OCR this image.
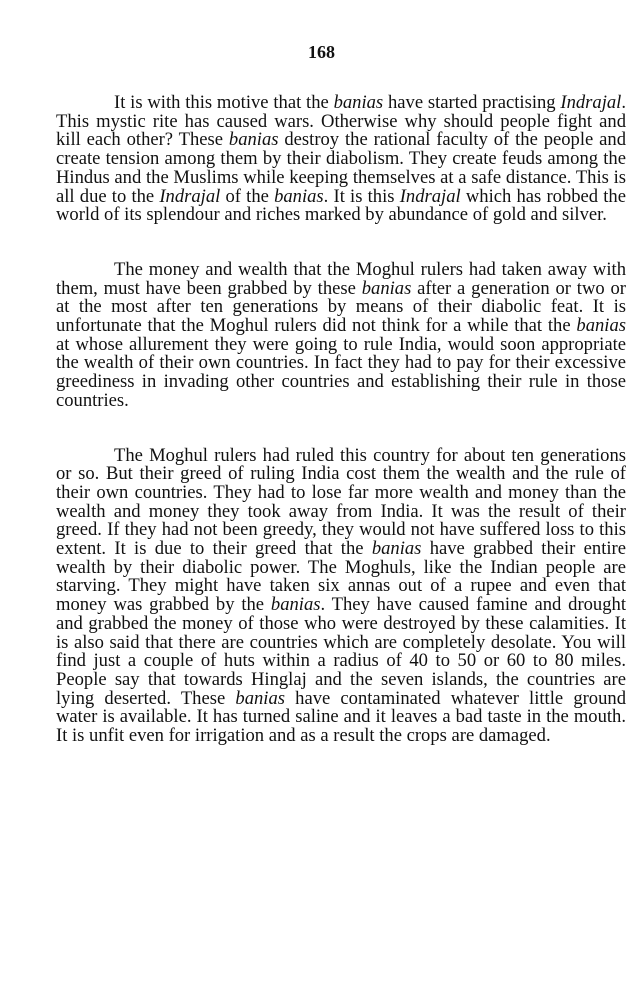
168

It is with this motive that the banias have started practising Indrajal. This mystic rite has caused wars. Otherwise why should people fight and kill each other? These banias destroy the rational faculty of the people and create tension among them by their diabolism. They create feuds among the Hindus and the Muslims while keeping themselves at a safe distance. This is all due to the Indrajal of the banias. It is this Indrajal which has robbed the world of its splendour and riches marked by abundance of gold and silver.

The money and wealth that the Moghul rulers had taken away with them, must have been grabbed by these banias after a generation or two or at the most after ten generations by means of their diabolic feat. It is unfortunate that the Moghul rulers did not think for a while that the banias at whose allurement they were going to rule India, would soon appropriate the wealth of their own countries. In fact they had to pay for their excessive greediness in invading other countries and establishing their rule in those countries.

The Moghul rulers had ruled this country for about ten generations or so. But their greed of ruling India cost them the wealth and the rule of their own countries. They had to lose far more wealth and money than the wealth and money they took away from India. It was the result of their greed. If they had not been greedy, they would not have suffered loss to this extent. It is due to their greed that the banias have grabbed their entire wealth by their diabolic power. The Moghuls, like the Indian people are starving. They might have taken six annas out of a rupee and even that money was grabbed by the banias. They have caused famine and drought and grabbed the money of those who were destroyed by these calamities. It is also said that there are countries which are completely desolate. You will find just a couple of huts within a radius of 40 to 50 or 60 to 80 miles. People say that towards Hinglaj and the seven islands, the countries are lying deserted. These banias have contaminated whatever little ground water is available. It has turned saline and it leaves a bad taste in the mouth. It is unfit even for irrigation and as a result the crops are damaged.
